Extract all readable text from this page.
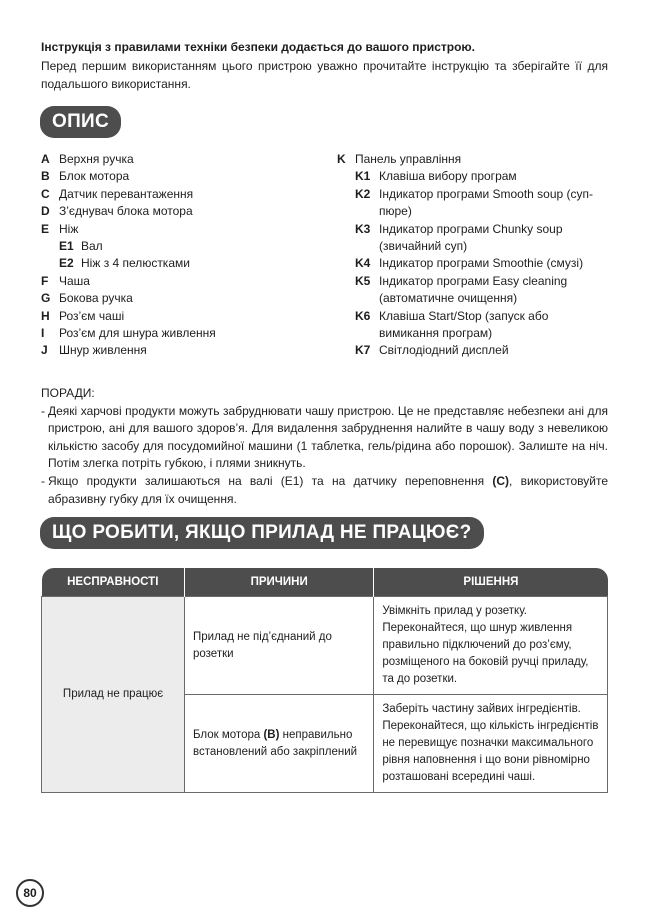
Інструкція з правилами техніки безпеки додається до вашого пристрою.
Перед першим використанням цього пристрою уважно прочитайте інструкцію та зберігайте її для подальшого використання.
ОПИС
A Верхня ручка
B Блок мотора
C Датчик перевантаження
D З’єднувач блока мотора
E Ніж
E1 Вал
E2 Ніж з 4 пелюстками
F Чаша
G Бокова ручка
H Роз’єм чаші
I	Роз’єм для шнура живлення
J Шнур живлення
K Панель управління
K1 Клавіша вибору програм
K2 Індикатор програми Smooth soup (суп-пюре)
K3 Індикатор програми Chunky soup (звичайний суп)
K4 Індикатор програми Smoothie (смузі)
K5 Індикатор програми Easy cleaning (автоматичне очищення)
K6 Клавіша Start/Stop (запуск або вимикання програм)
K7 Світлодіодний дисплей
ПОРАДИ:
- Деякі харчові продукти можуть забруднювати чашу пристрою. Це не представляє небезпеки ані для пристрою, ані для вашого здоров’я. Для видалення забруднення налийте в чашу воду з невеликою кількістю засобу для посудомийної машини (1 таблетка, гель/рідина або порошок). Залиште на ніч. Потім злегка потріть губкою, і плями зникнуть.
- Якщо продукти залишаються на валі (E1) та на датчику переповнення (C), використовуйте абразивну губку для їх очищення.
ЩО РОБИТИ, ЯКЩО ПРИЛАД НЕ ПРАЦЮЄ?
НЕСПРАВНОСТІ	ПРИЧИНИ	РІШЕННЯ
Прилад не працює	Прилад не під’єднаний до розетки	Увімкніть прилад у розетку. Переконайтеся, що шнур живлення правильно підключений до роз’єму, розміщеного на боковій ручці приладу, та до розетки.
	Блок мотора (B) неправильно встановлений або закріплений	Заберіть частину зайвих інгредієнтів. Переконайтеся, що кількість інгредієнтів не перевищує позначки максимального рівня наповнення і що вони рівномірно розташовані всередині чаші.
80
